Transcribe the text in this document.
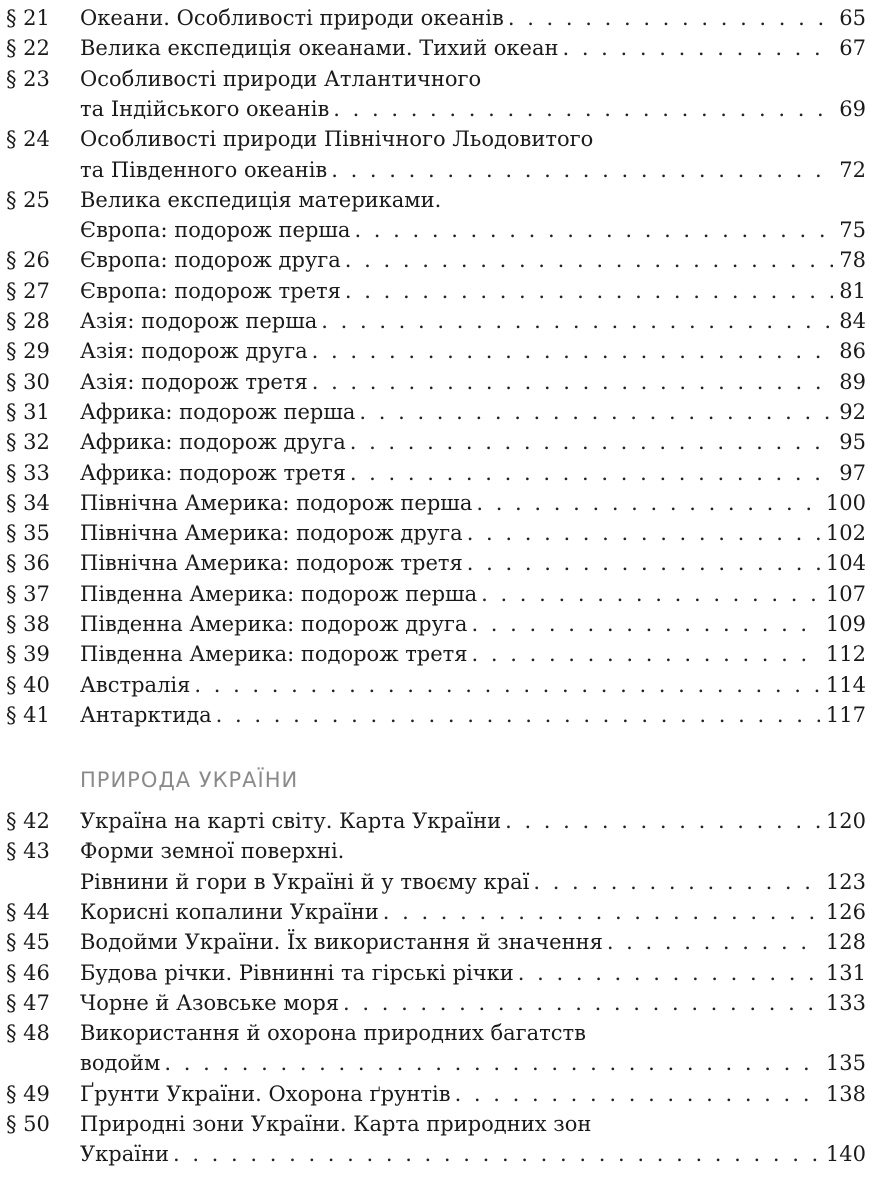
§ 21 Океани. Особливості природи океанів . . .	65
§ 22 Велика експедиція океанами. Тихий океан . . .	67
§ 23 Особливості природи Атлантичного
та Індійського океанів . . .	69
§ 24 Особливості природи Північного Льодовитого
та Південного океанів . . .	72
§ 25 Велика експедиція материками.
Європа: подорож перша . . .	75
§ 26 Європа: подорож друга . . .	78
§ 27 Європа: подорож третя . . .	81
§ 28 Азія: подорож перша . . .	84
§ 29 Азія: подорож друга . . .	86
§ 30 Азія: подорож третя . . .	89
§ 31 Африка: подорож перша . . .	92
§ 32 Африка: подорож друга . . .	95
§ 33 Африка: подорож третя . . .	97
§ 34 Північна Америка: подорож перша . . .	100
§ 35 Північна Америка: подорож друга . . .	102
§ 36 Північна Америка: подорож третя . . .	104
§ 37 Південна Америка: подорож перша . . .	107
§ 38 Південна Америка: подорож друга . . .	109
§ 39 Південна Америка: подорож третя . . .	112
§ 40 Австралія . . .	114
§ 41 Антарктида . . .	117
ПРИРОДА УКРАЇНИ
§ 42 Україна на карті світу. Карта України . . .	120
§ 43 Форми земної поверхні.
Рівнини й гори в Україні й у твоєму краї . . .	123
§ 44 Корисні копалини України . . .	126
§ 45 Водойми України. Їх використання й значення . . .	128
§ 46 Будова річки. Рівнинні та гірські річки . . .	131
§ 47 Чорне й Азовське моря . . .	133
§ 48 Використання й охорона природних багатств
водойм . . .	135
§ 49 Ґрунти України. Охорона ґрунтів . . .	138
§ 50 Природні зони України. Карта природних зон
України . . .	140
